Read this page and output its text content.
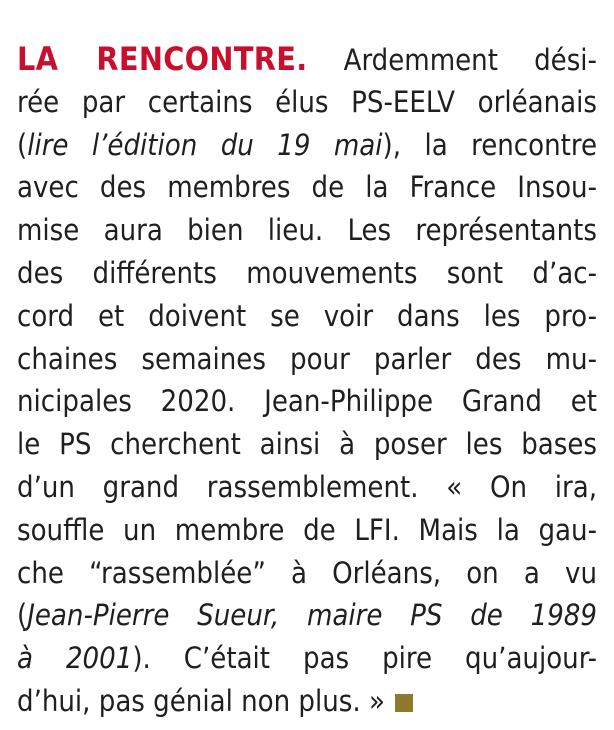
LA RENCONTRE. Ardemment dési-
rée par certains élus PS-EELV orléanais
(lire l’édition du 19 mai), la rencontre
avec des membres de la France Insou-
mise aura bien lieu. Les représentants
des différents mouvements sont d’ac-
cord et doivent se voir dans les pro-
chaines semaines pour parler des mu-
nicipales 2020. Jean-Philippe Grand et
le PS cherchent ainsi à poser les bases
d’un grand rassemblement. « On ira,
souffle un membre de LFI. Mais la gau-
che “rassemblée” à Orléans, on a vu
(Jean-Pierre Sueur, maire PS de 1989
à 2001). C’était pas pire qu’aujour-
d’hui, pas génial non plus. »
